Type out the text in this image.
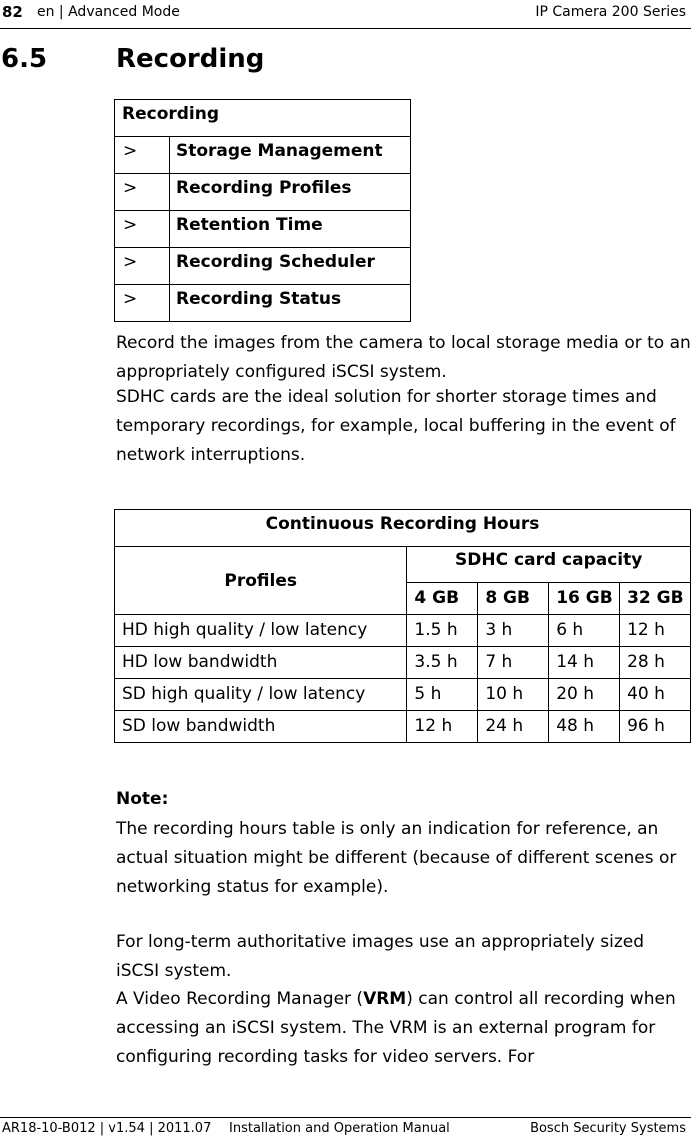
82 en | Advanced Mode	IP Camera 200 Series
6.5	Recording
Recording	
>	Storage Management
>	Recording Profiles
>	Retention Time
>	Recording Scheduler
>	Recording Status

Record the images from the camera to local storage media or to an appropriately configured iSCSI system.

SDHC cards are the ideal solution for shorter storage times and temporary recordings, for example, local buffering in the event of network interruptions.

Continuous Recording Hours				
Profiles	SDHC card capacity			
	4 GB	8 GB	16 GB	32 GB
HD high quality / low latency	1.5 h	3 h	6 h	12 h
HD low bandwidth	3.5 h	7 h	14 h	28 h
SD high quality / low latency	5 h	10 h	20 h	40 h
SD low bandwidth	12 h	24 h	48 h	96 h
Note:

The recording hours table is only an indication for reference, an actual situation might be different (because of different scenes or networking status for example).

For long-term authoritative images use an appropriately sized iSCSI system.

A Video Recording Manager (VRM) can control all recording when accessing an iSCSI system. The VRM is an external program for configuring recording tasks for video servers. For

AR18-10-B012 | v1.54 | 2011.07 Installation and Operation Manual	Bosch Security Systems
